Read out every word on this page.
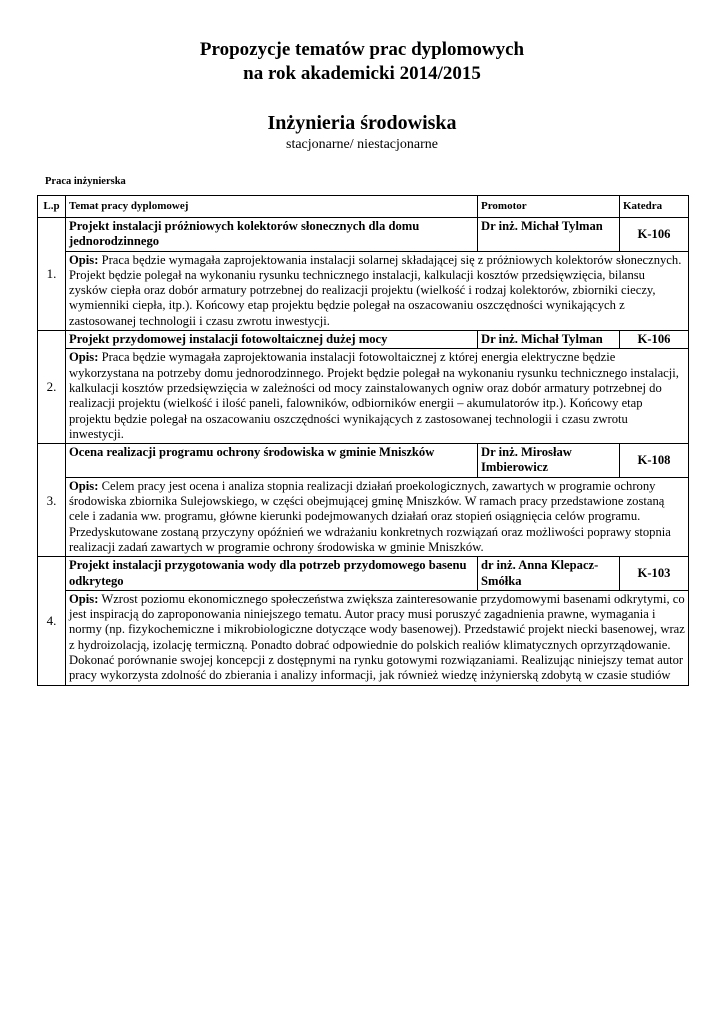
Propozycje tematów prac dyplomowych
na rok akademicki 2014/2015
Inżynieria środowiska
stacjonarne/ niestacjonarne
Praca inżynierska
L.p	Temat pracy dyplomowej	Promotor	Katedra
1.	Projekt instalacji próżniowych kolektorów słonecznych dla domu jednorodzinnego	Dr inż. Michał Tylman	K-106
	Opis: Praca będzie wymagała zaprojektowania instalacji solarnej składającej się z próżniowych kolektorów słonecznych. Projekt będzie polegał na wykonaniu rysunku technicznego instalacji, kalkulacji kosztów przedsięwzięcia, bilansu zysków ciepła oraz dobór armatury potrzebnej do realizacji projektu (wielkość i rodzaj kolektorów, zbiorniki cieczy, wymienniki ciepła, itp.). Końcowy etap projektu będzie polegał na oszacowaniu oszczędności wynikających z zastosowanej technologii i czasu zwrotu inwestycji.		
2.	Projekt przydomowej instalacji fotowoltaicznej dużej mocy	Dr inż. Michał Tylman	K-106
	Opis: Praca będzie wymagała zaprojektowania instalacji fotowoltaicznej z której energia elektryczne będzie wykorzystana na potrzeby domu jednorodzinnego. Projekt będzie polegał na wykonaniu rysunku technicznego instalacji, kalkulacji kosztów przedsięwzięcia w zależności od mocy zainstalowanych ogniw oraz dobór armatury potrzebnej do realizacji projektu (wielkość i ilość paneli, falowników, odbiorników energii – akumulatorów itp.). Końcowy etap projektu będzie polegał na oszacowaniu oszczędności wynikających z zastosowanej technologii i czasu zwrotu inwestycji.		
3.	Ocena realizacji programu ochrony środowiska w gminie Mniszków	Dr inż. Mirosław Imbierowicz	K-108
	Opis: Celem pracy jest ocena i analiza stopnia realizacji działań proekologicznych, zawartych w programie ochrony środowiska zbiornika Sulejowskiego, w części obejmującej gminę Mniszków. W ramach pracy przedstawione zostaną cele i zadania ww. programu, główne kierunki podejmowanych działań oraz stopień osiągnięcia celów programu. Przedyskutowane zostaną przyczyny opóźnień we wdrażaniu konkretnych rozwiązań oraz możliwości poprawy stopnia realizacji zadań zawartych w programie ochrony środowiska w gminie Mniszków.		
4.	Projekt instalacji przygotowania wody dla potrzeb przydomowego basenu odkrytego	dr inż. Anna Klepacz-Smółka	K-103
	Opis: Wzrost poziomu ekonomicznego społeczeństwa zwiększa zainteresowanie przydomowymi basenami odkrytymi, co jest inspiracją do zaproponowania niniejszego tematu. Autor pracy musi poruszyć zagadnienia prawne, wymagania i normy (np. fizykochemiczne i mikrobiologiczne dotyczące wody basenowej). Przedstawić projekt niecki basenowej, wraz z hydroizolacją, izolację termiczną. Ponadto dobrać odpowiednie do polskich realiów klimatycznych oprzyrządowanie. Dokonać porównanie swojej koncepcji z dostępnymi na rynku gotowymi rozwiązaniami. Realizując niniejszy temat autor pracy wykorzysta zdolność do zbierania i analizy informacji, jak również wiedzę inżynierską zdobytą w czasie studiów		
